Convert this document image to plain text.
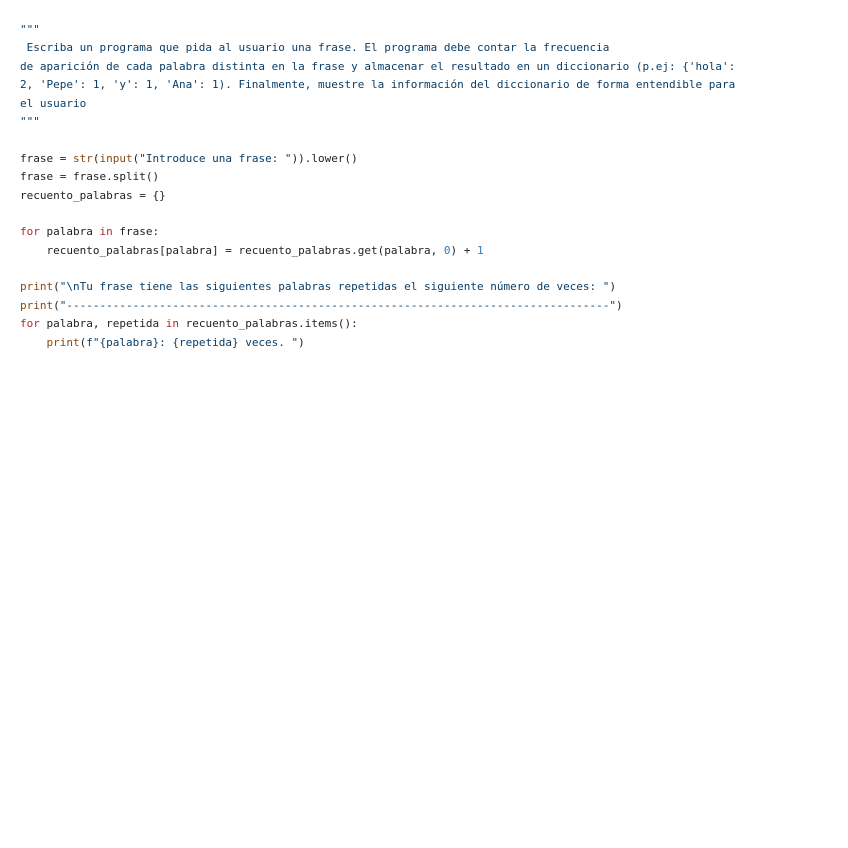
"""
Escriba un programa que pida al usuario una frase. El programa debe contar la frecuencia
de aparición de cada palabra distinta en la frase y almacenar el resultado en un diccionario (p.ej: {'hola':
2, 'Pepe': 1, 'y': 1, 'Ana': 1). Finalmente, muestre la información del diccionario de forma entendible para
el usuario
"""

frase = str(input("Introduce una frase: ")).lower()
frase = frase.split()
recuento_palabras = {}

for palabra in frase:
recuento_palabras[palabra] = recuento_palabras.get(palabra, 0) + 1

print("\nTu frase tiene las siguientes palabras repetidas el siguiente número de veces: ")
print("----------------------------------------------------------------------------------")
for palabra, repetida in recuento_palabras.items():
print(f"{palabra}: {repetida} veces. ")
